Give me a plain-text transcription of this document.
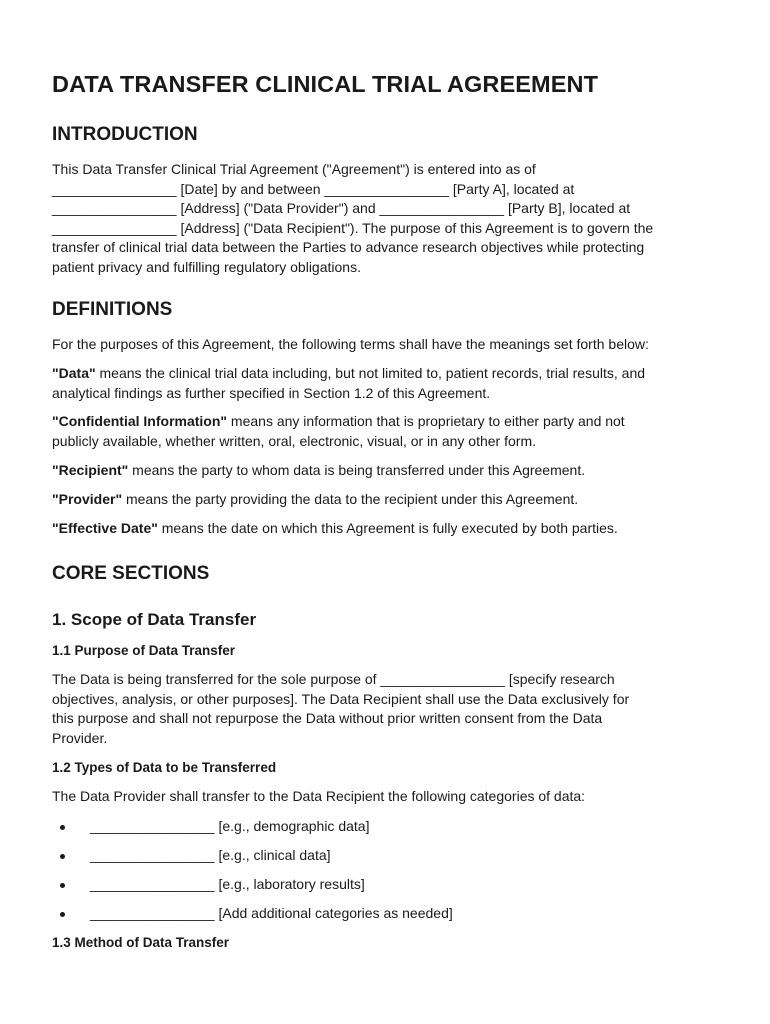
DATA TRANSFER CLINICAL TRIAL AGREEMENT
INTRODUCTION

This Data Transfer Clinical Trial Agreement ("Agreement") is entered into as of
________________ [Date] by and between ________________ [Party A], located at
________________ [Address] ("Data Provider") and ________________ [Party B], located at
________________ [Address] ("Data Recipient"). The purpose of this Agreement is to govern the
transfer of clinical trial data between the Parties to advance research objectives while protecting
patient privacy and fulfilling regulatory obligations.

DEFINITIONS

For the purposes of this Agreement, the following terms shall have the meanings set forth below:

"Data" means the clinical trial data including, but not limited to, patient records, trial results, and
analytical findings as further specified in Section 1.2 of this Agreement.

"Confidential Information" means any information that is proprietary to either party and not
publicly available, whether written, oral, electronic, visual, or in any other form.

"Recipient" means the party to whom data is being transferred under this Agreement.

"Provider" means the party providing the data to the recipient under this Agreement.

"Effective Date" means the date on which this Agreement is fully executed by both parties.

CORE SECTIONS
1. Scope of Data Transfer
1.1 Purpose of Data Transfer

The Data is being transferred for the sole purpose of ________________ [specify research
objectives, analysis, or other purposes]. The Data Recipient shall use the Data exclusively for
this purpose and shall not repurpose the Data without prior written consent from the Data
Provider.

1.2 Types of Data to be Transferred

The Data Provider shall transfer to the Data Recipient the following categories of data:

________________ [e.g., demographic data]
________________ [e.g., clinical data]
________________ [e.g., laboratory results]
________________ [Add additional categories as needed]
1.3 Method of Data Transfer
